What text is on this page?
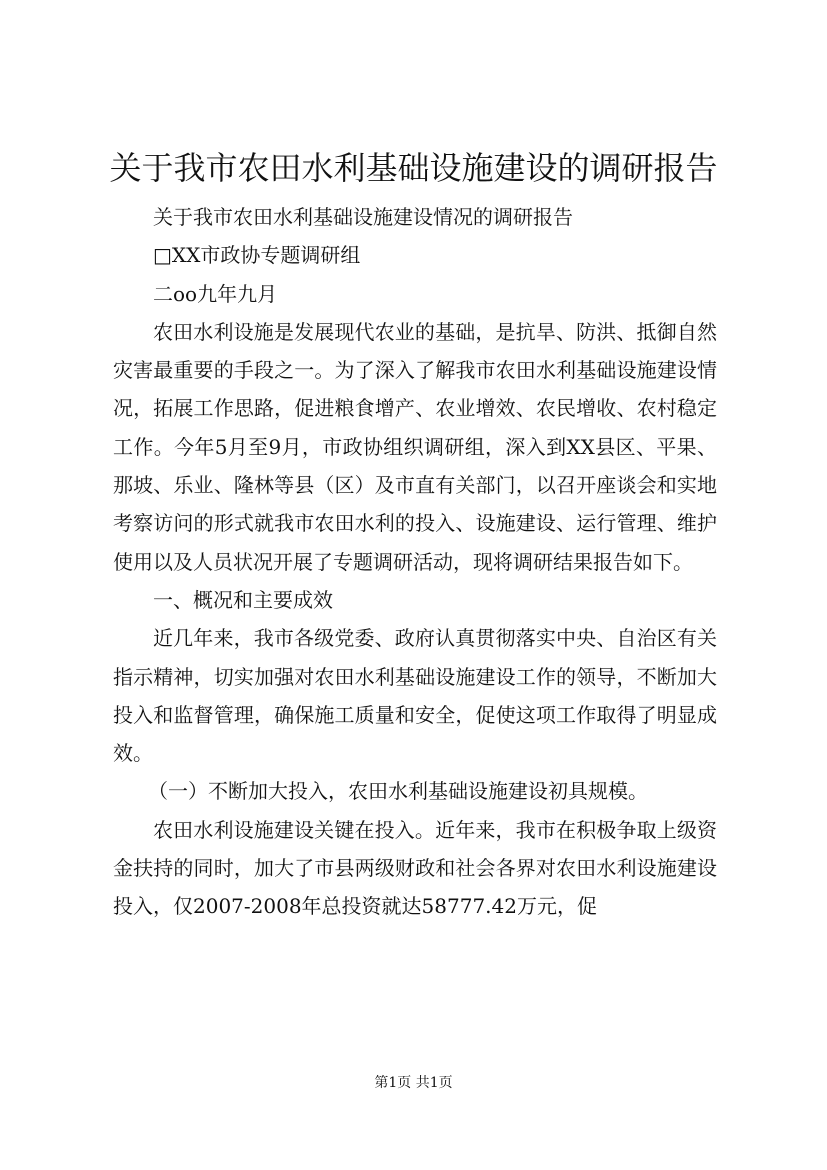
关于我市农田水利基础设施建设的调研报告

关于我市农田水利基础设施建设情况的调研报告

□XX市政协专题调研组

二oo九年九月

农田水利设施是发展现代农业的基础，是抗旱、防洪、抵御自然灾害最重要的手段之一。为了深入了解我市农田水利基础设施建设情况，拓展工作思路，促进粮食增产、农业增效、农民增收、农村稳定工作。今年5月至9月，市政协组织调研组，深入到XX县区、平果、那坡、乐业、隆林等县（区）及市直有关部门，以召开座谈会和实地考察访问的形式就我市农田水利的投入、设施建设、运行管理、维护使用以及人员状况开展了专题调研活动，现将调研结果报告如下。

一、概况和主要成效

近几年来，我市各级党委、政府认真贯彻落实中央、自治区有关指示精神，切实加强对农田水利基础设施建设工作的领导，不断加大投入和监督管理，确保施工质量和安全，促使这项工作取得了明显成效。

（一）不断加大投入，农田水利基础设施建设初具规模。

农田水利设施建设关键在投入。近年来，我市在积极争取上级资金扶持的同时，加大了市县两级财政和社会各界对农田水利设施建设投入，仅2007-2008年总投资就达58777.42万元，促

第1页 共1页
